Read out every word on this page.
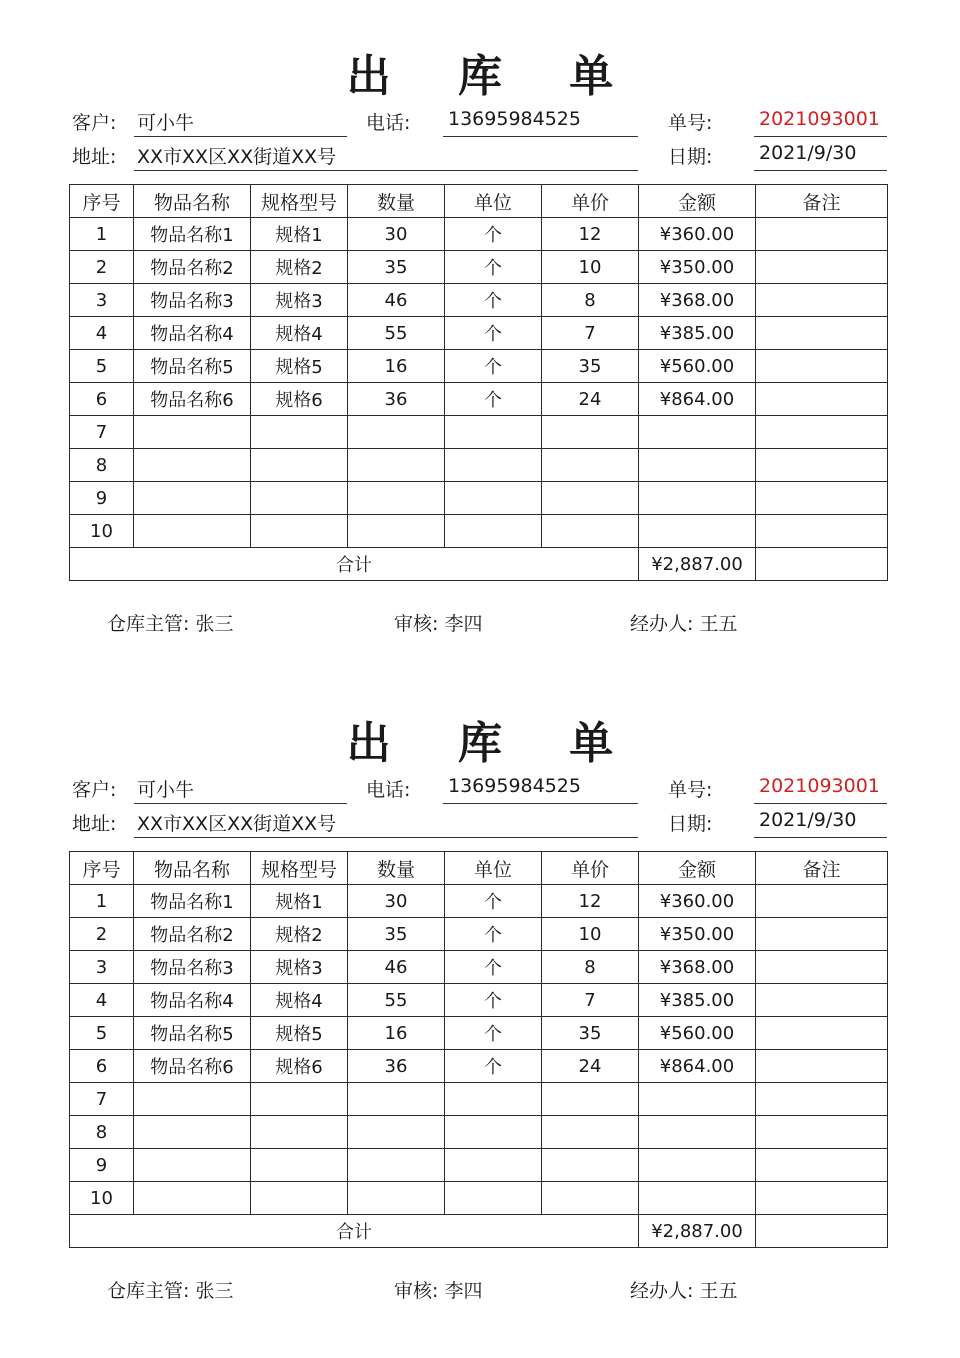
出 库 单
客户: 可小牛	电话: 13695984525	单号: 2021093001
地址: XX市XX区XX街道XX号	日期: 2021/9/30
序号	物品名称	规格型号	数量	单位	单价	金额	备注
1	物品名称1	规格1	30	个	12	¥360.00	
2	物品名称2	规格2	35	个	10	¥350.00	
3	物品名称3	规格3	46	个	8	¥368.00	
4	物品名称4	规格4	55	个	7	¥385.00	
5	物品名称5	规格5	16	个	35	¥560.00	
6	物品名称6	规格6	36	个	24	¥864.00	
7							
8							
9							
10							
合计						¥2,887.00	
仓库主管: 张三	审核: 李四	经办人: 王五
出 库 单
客户: 可小牛	电话: 13695984525	单号: 2021093001
地址: XX市XX区XX街道XX号	日期: 2021/9/30
序号	物品名称	规格型号	数量	单位	单价	金额	备注
1	物品名称1	规格1	30	个	12	¥360.00	
2	物品名称2	规格2	35	个	10	¥350.00	
3	物品名称3	规格3	46	个	8	¥368.00	
4	物品名称4	规格4	55	个	7	¥385.00	
5	物品名称5	规格5	16	个	35	¥560.00	
6	物品名称6	规格6	36	个	24	¥864.00	
7							
8							
9							
10							
合计						¥2,887.00	
仓库主管: 张三	审核: 李四	经办人: 王五
